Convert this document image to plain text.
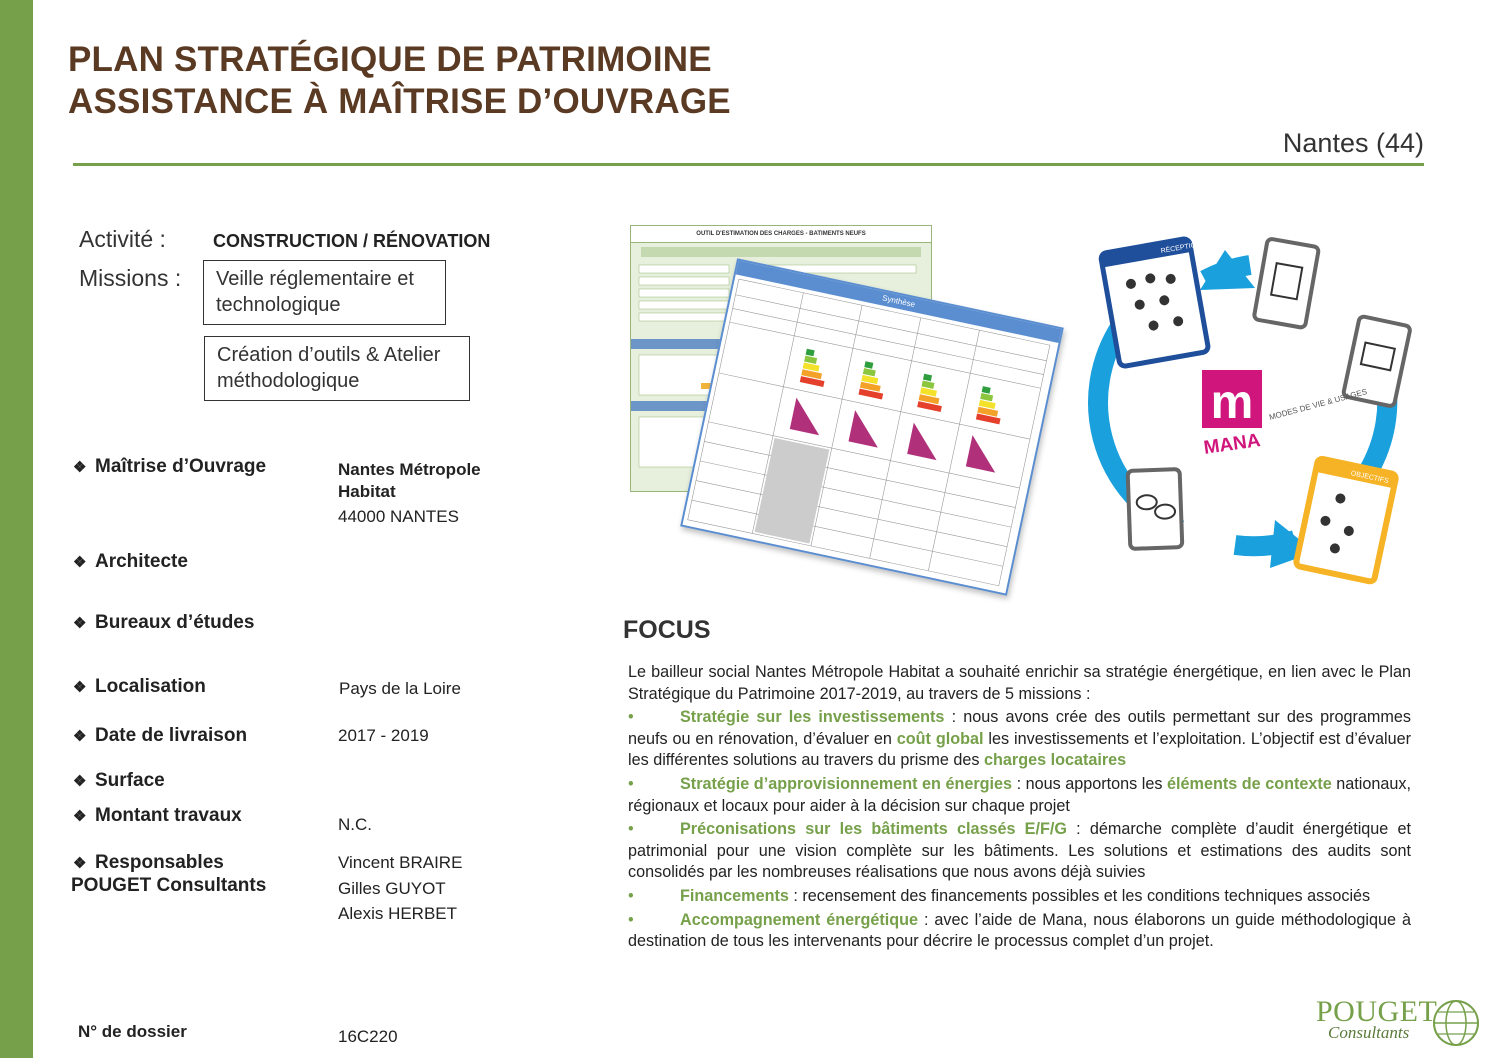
PLAN STRATÉGIQUE DE PATRIMOINE
ASSISTANCE À MAÎTRISE D’OUVRAGE
Nantes (44)
Activité :	CONSTRUCTION / RÉNOVATION
Missions :	Veille réglementaire et technologique
Création d’outils & Atelier méthodologique
❖ Maîtrise d’Ouvrage	Nantes Métropole Habitat
44000 NANTES
❖ Architecte
❖ Bureaux d’études
❖ Localisation	Pays de la Loire
❖ Date de livraison	2017 - 2019
❖ Surface
❖ Montant travaux	N.C.
❖ Responsables
POUGET Consultants
Vincent BRAIRE
Gilles GUYOT
Alexis HERBET
N° de dossier	16C220
OUTIL D'ESTIMATION DES CHARGES - BATIMENTS NEUFS
Synthèse
RÉCEPTION
OBJECTIFS
m
MANA
MODES DE VIE & USAGES
FOCUS

Le bailleur social Nantes Métropole Habitat a souhaité enrichir sa stratégie énergétique, en lien avec le Plan Stratégique du Patrimoine 2017-2019, au travers de 5 missions :

•	Stratégie sur les investissements : nous avons crée des outils permettant sur des programmes neufs ou en rénovation, d’évaluer en coût global les investissements et l’exploitation. L’objectif est d’évaluer les différentes solutions au travers du prisme des charges locataires

•	Stratégie d’approvisionnement en énergies : nous apportons les éléments de contexte nationaux, régionaux et locaux pour aider à la décision sur chaque projet

•	Préconisations sur les bâtiments classés E/F/G : démarche complète d’audit énergétique et patrimonial pour une vision complète sur les bâtiments. Les solutions et estimations des audits sont consolidés par les nombreuses réalisations que nous avons déjà suivies

•	Financements : recensement des financements possibles et les conditions techniques associés

•	Accompagnement énergétique : avec l’aide de Mana, nous élaborons un guide méthodologique à destination de tous les intervenants pour décrire le processus complet d’un projet.

POUGET
Consultants
